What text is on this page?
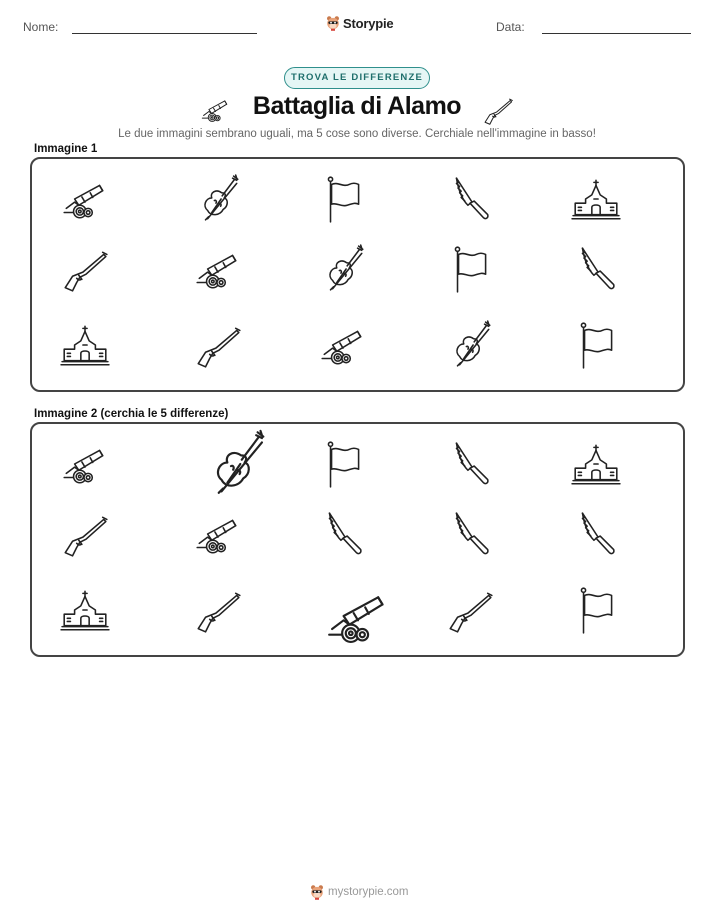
Nome:	Storypie	Data:
TROVA LE DIFFERENZE
Battaglia di Alamo
Le due immagini sembrano uguali, ma 5 cose sono diverse. Cerchiale nell'immagine in basso!
Immagine 1
Immagine 2 (cerchia le 5 differenze)
mystorypie.com
